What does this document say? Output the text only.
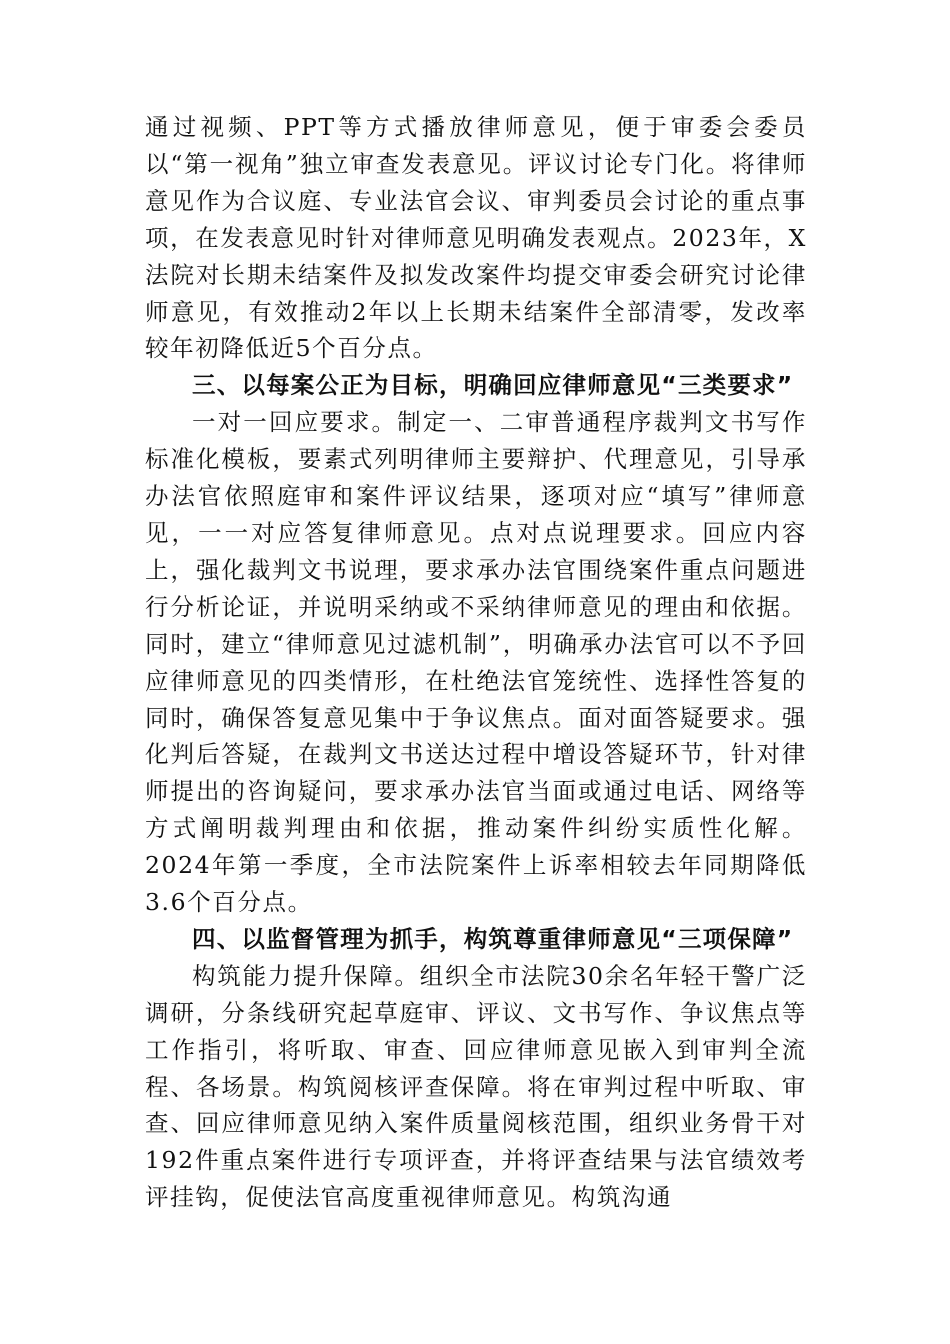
通过视频、PPT等方式播放律师意见，便于审委会委员以“第一视角”独立审查发表意见。评议讨论专门化。将律师意见作为合议庭、专业法官会议、审判委员会讨论的重点事项，在发表意见时针对律师意见明确发表观点。2023年，X法院对长期未结案件及拟发改案件均提交审委会研究讨论律师意见，有效推动2年以上长期未结案件全部清零，发改率较年初降低近5个百分点。

三、以每案公正为目标，明确回应律师意见“三类要求”

一对一回应要求。制定一、二审普通程序裁判文书写作标准化模板，要素式列明律师主要辩护、代理意见，引导承办法官依照庭审和案件评议结果，逐项对应“填写”律师意见，一一对应答复律师意见。点对点说理要求。回应内容上，强化裁判文书说理，要求承办法官围绕案件重点问题进行分析论证，并说明采纳或不采纳律师意见的理由和依据。同时，建立“律师意见过滤机制”，明确承办法官可以不予回应律师意见的四类情形，在杜绝法官笼统性、选择性答复的同时，确保答复意见集中于争议焦点。面对面答疑要求。强化判后答疑，在裁判文书送达过程中增设答疑环节，针对律师提出的咨询疑问，要求承办法官当面或通过电话、网络等方式阐明裁判理由和依据，推动案件纠纷实质性化解。2024年第一季度，全市法院案件上诉率相较去年同期降低3.6个百分点。

四、以监督管理为抓手，构筑尊重律师意见“三项保障”

构筑能力提升保障。组织全市法院30余名年轻干警广泛调研，分条线研究起草庭审、评议、文书写作、争议焦点等工作指引，将听取、审查、回应律师意见嵌入到审判全流程、各场景。构筑阅核评查保障。将在审判过程中听取、审查、回应律师意见纳入案件质量阅核范围，组织业务骨干对192件重点案件进行专项评查，并将评查结果与法官绩效考评挂钩，促使法官高度重视律师意见。构筑沟通
